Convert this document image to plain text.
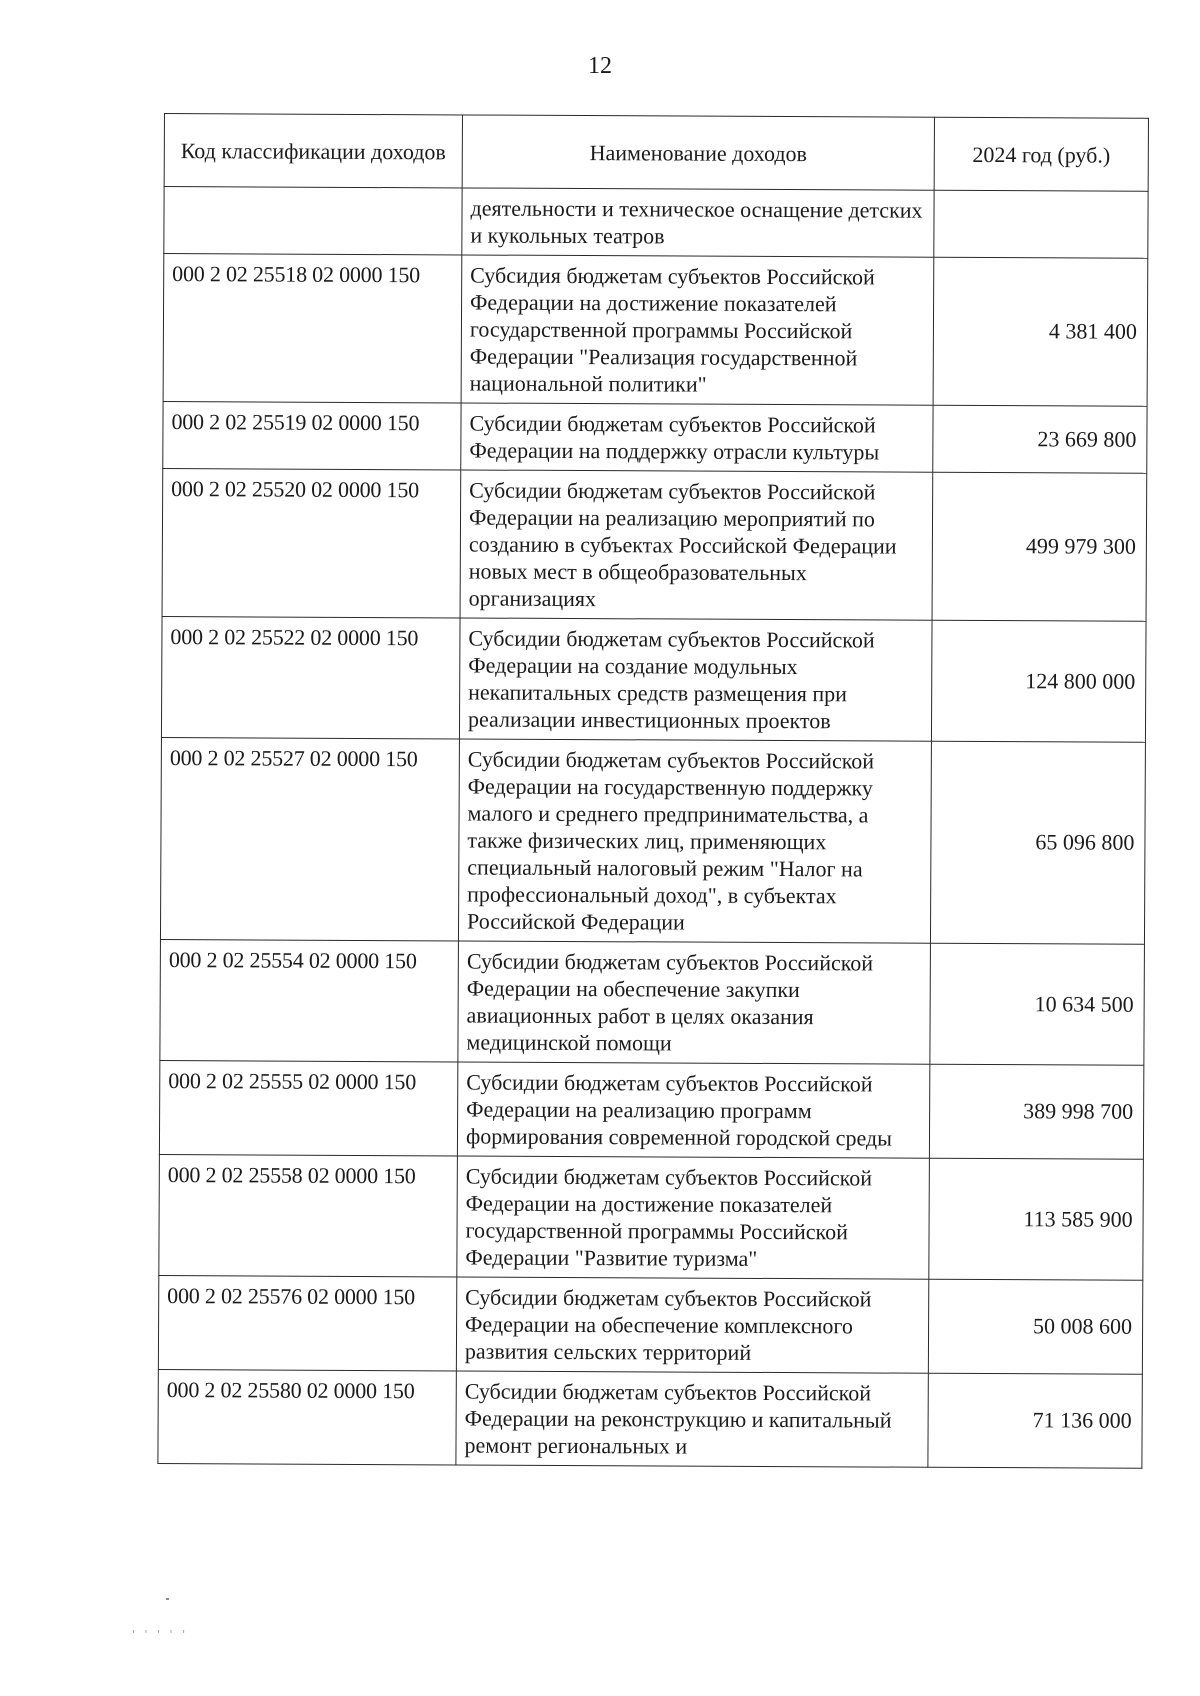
12
Код классификации доходов	Наименование доходов	2024 год (руб.)
	деятельности и техническое оснащение детских и кукольных театров	
000 2 02 25518 02 0000 150	Субсидия бюджетам субъектов Российской Федерации на достижение показателей государственной программы Российской Федерации "Реализация государственной национальной политики"	4 381 400
000 2 02 25519 02 0000 150	Субсидии бюджетам субъектов Российской Федерации на поддержку отрасли культуры	23 669 800
000 2 02 25520 02 0000 150	Субсидии бюджетам субъектов Российской Федерации на реализацию мероприятий по созданию в субъектах Российской Федерации новых мест в общеобразовательных организациях	499 979 300
000 2 02 25522 02 0000 150	Субсидии бюджетам субъектов Российской Федерации на создание модульных некапитальных средств размещения при реализации инвестиционных проектов	124 800 000
000 2 02 25527 02 0000 150	Субсидии бюджетам субъектов Российской Федерации на государственную поддержку малого и среднего предпринимательства, а также физических лиц, применяющих специальный налоговый режим "Налог на профессиональный доход", в субъектах Российской Федерации	65 096 800
000 2 02 25554 02 0000 150	Субсидии бюджетам субъектов Российской Федерации на обеспечение закупки авиационных работ в целях оказания медицинской помощи	10 634 500
000 2 02 25555 02 0000 150	Субсидии бюджетам субъектов Российской Федерации на реализацию программ формирования современной городской среды	389 998 700
000 2 02 25558 02 0000 150	Субсидии бюджетам субъектов Российской Федерации на достижение показателей государственной программы Российской Федерации "Развитие туризма"	113 585 900
000 2 02 25576 02 0000 150	Субсидии бюджетам субъектов Российской Федерации на обеспечение комплексного развития сельских территорий	50 008 600
000 2 02 25580 02 0000 150	Субсидии бюджетам субъектов Российской Федерации на реконструкцию и капитальный ремонт региональных и	71 136 000
' ' ' ' '
